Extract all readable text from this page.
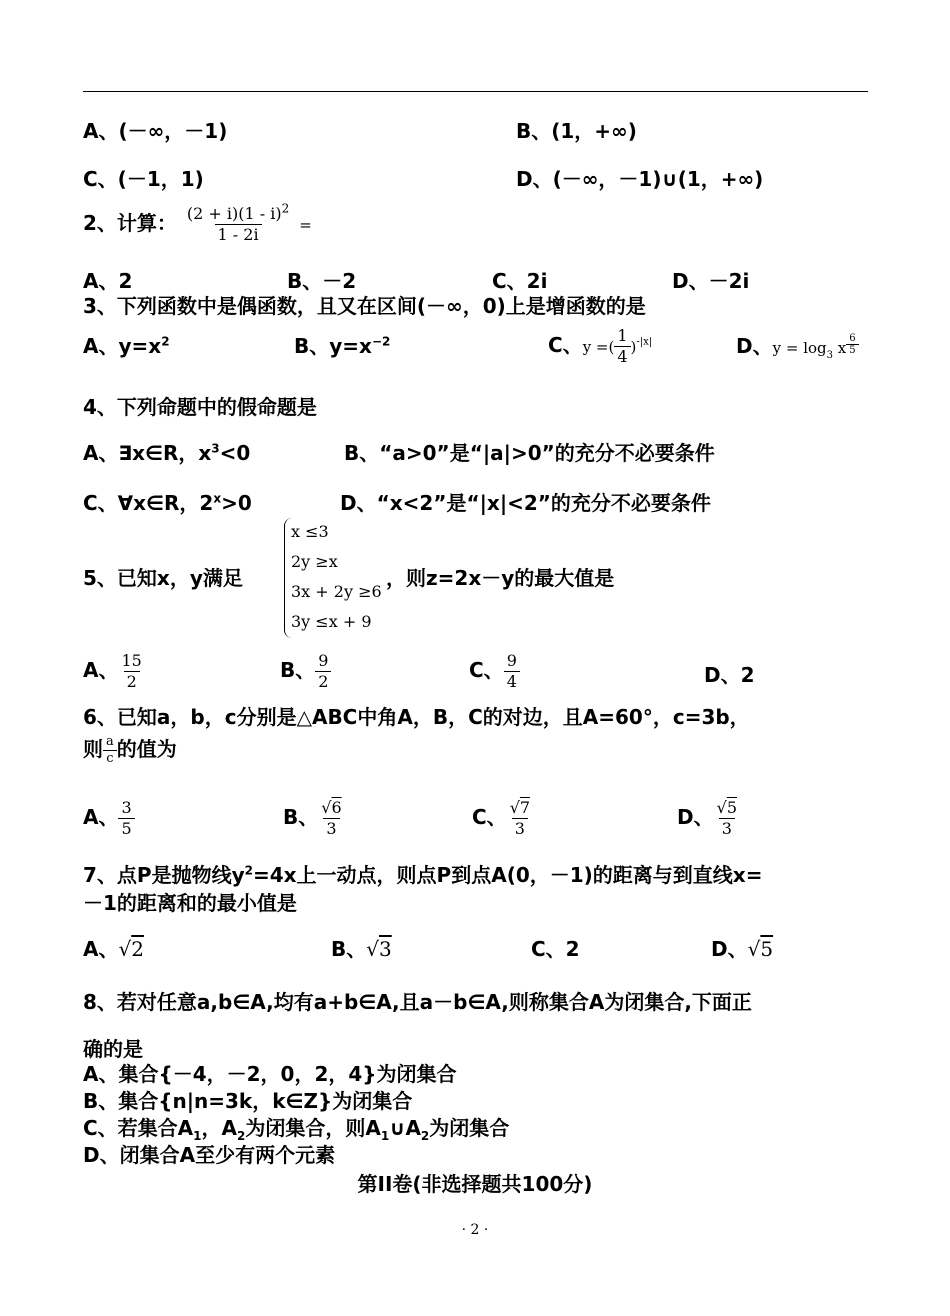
A、(－∞，－1)	B、(1，+∞)
C、(－1，1)	D、(－∞，－1)∪(1，+∞)
2、计算： $\frac{(2 + i)(1 - i)^2}{1 - 2i}$ =
A、2	B、－2	C、2i	D、－2i
3、下列函数中是偶函数，且又在区间(－∞，0)上是增函数的是
A、$y=x^2$	B、$y=x^{-2}$	C、y =( $\frac{1}{4} )^{-|x|}$	D、$y = \log_3 x \frac{6}{5}$
4、下列命题中的假命题是
A、∃x∈R，$x^3<0$	B、“a>0”是“|a|>0”的充分不必要条件
C、∀x∈R，$2^x>0$	D、“x<2”是“|x|<2”的充分不必要条件
5、已知x，y满足
x ≤3
2y ≥x
3x + 2y ≥6
3y ≤x + 9
，则z=2x－y的最大值是
A、 $\frac{15}{2}$	B、 $\frac{9}{2}$	C、 $\frac{9}{4}$	D、2
6、已知a，b，c分别是△ABC中角A，B，C的对边，且A=60°，c=3b，
则 $\frac{a}{c}$ 的值为
A、 $\frac{3}{5}$	B、 $\frac{√6}{3}$	C、 $\frac{√7}{3}$	D、 $\frac{√5}{3}$
7、点P是抛物线$y^2=4x$上一动点，则点P到点A(0，－1)的距离与到直线x=
－1的距离和的最小值是
A、√2	B、√3	C、2	D、√5
8、若对任意a,b∈A,均有a+b∈A,且a－b∈A,则称集合A为闭集合,下面正
确的是
A、集合{－4，－2，0，2，4}为闭集合
B、集合{n|n=3k，k∈Z}为闭集合
C、若集合$A_1$，$A_2$为闭集合，则$A_1\cup A_2$为闭集合
D、闭集合A至少有两个元素
第II卷(非选择题共100分)
· 2 ·
